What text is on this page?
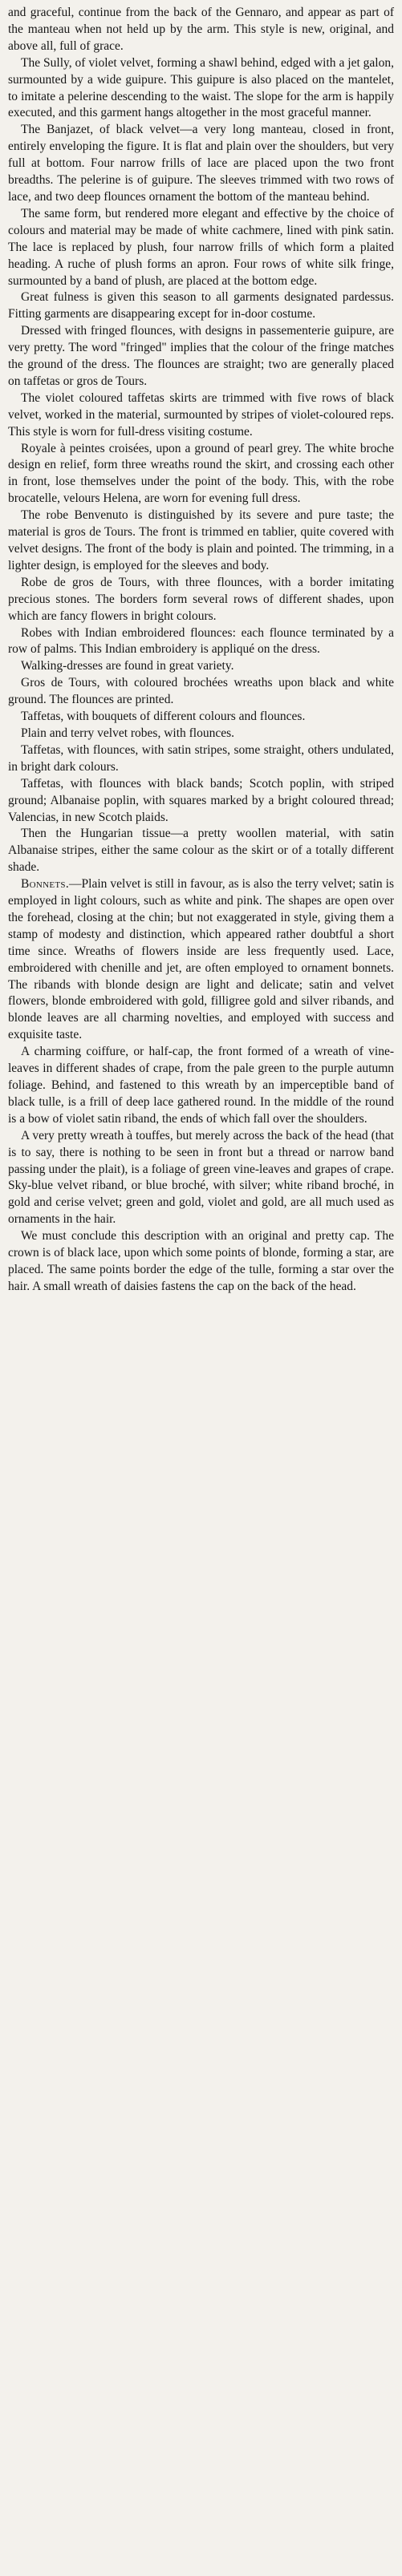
and graceful, continue from the back of the Gennaro, and appear as part of the manteau when not held up by the arm. This style is new, original, and above all, full of grace.

The Sully, of violet velvet, forming a shawl behind, edged with a jet galon, surmounted by a wide guipure. This guipure is also placed on the mantelet, to imitate a pelerine descending to the waist. The slope for the arm is happily executed, and this garment hangs altogether in the most graceful manner.

The Banjazet, of black velvet—a very long manteau, closed in front, entirely enveloping the figure. It is flat and plain over the shoulders, but very full at bottom. Four narrow frills of lace are placed upon the two front breadths. The pelerine is of guipure. The sleeves trimmed with two rows of lace, and two deep flounces ornament the bottom of the manteau behind.

The same form, but rendered more elegant and effective by the choice of colours and material may be made of white cachmere, lined with pink satin. The lace is replaced by plush, four narrow frills of which form a plaited heading. A ruche of plush forms an apron. Four rows of white silk fringe, surmounted by a band of plush, are placed at the bottom edge.

Great fulness is given this season to all garments designated pardessus. Fitting garments are disappearing except for in-door costume.

Dressed with fringed flounces, with designs in passementerie guipure, are very pretty. The word "fringed" implies that the colour of the fringe matches the ground of the dress. The flounces are straight; two are generally placed on taffetas or gros de Tours.

The violet coloured taffetas skirts are trimmed with five rows of black velvet, worked in the material, surmounted by stripes of violet-coloured reps. This style is worn for full-dress visiting costume.

Royale à peintes croisées, upon a ground of pearl grey. The white broche design en relief, form three wreaths round the skirt, and crossing each other in front, lose themselves under the point of the body. This, with the robe brocatelle, velours Helena, are worn for evening full dress.

The robe Benvenuto is distinguished by its severe and pure taste; the material is gros de Tours. The front is trimmed en tablier, quite covered with velvet designs. The front of the body is plain and pointed. The trimming, in a lighter design, is employed for the sleeves and body.

Robe de gros de Tours, with three flounces, with a border imitating precious stones. The borders form several rows of different shades, upon which are fancy flowers in bright colours.

Robes with Indian embroidered flounces: each flounce terminated by a row of palms. This Indian embroidery is appliqué on the dress.

Walking-dresses are found in great variety.

Gros de Tours, with coloured brochées wreaths upon black and white ground. The flounces are printed.

Taffetas, with bouquets of different colours and flounces.

Plain and terry velvet robes, with flounces.

Taffetas, with flounces, with satin stripes, some straight, others undulated, in bright dark colours.

Taffetas, with flounces with black bands; Scotch poplin, with striped ground; Albanaise poplin, with squares marked by a bright coloured thread; Valencias, in new Scotch plaids.

Then the Hungarian tissue—a pretty woollen material, with satin Albanaise stripes, either the same colour as the skirt or of a totally different shade.

Bonnets.—Plain velvet is still in favour, as is also the terry velvet; satin is employed in light colours, such as white and pink. The shapes are open over the forehead, closing at the chin; but not exaggerated in style, giving them a stamp of modesty and distinction, which appeared rather doubtful a short time since. Wreaths of flowers inside are less frequently used. Lace, embroidered with chenille and jet, are often employed to ornament bonnets. The ribands with blonde design are light and delicate; satin and velvet flowers, blonde embroidered with gold, filligree gold and silver ribands, and blonde leaves are all charming novelties, and employed with success and exquisite taste.

A charming coiffure, or half-cap, the front formed of a wreath of vine-leaves in different shades of crape, from the pale green to the purple autumn foliage. Behind, and fastened to this wreath by an imperceptible band of black tulle, is a frill of deep lace gathered round. In the middle of the round is a bow of violet satin riband, the ends of which fall over the shoulders.

A very pretty wreath à touffes, but merely across the back of the head (that is to say, there is nothing to be seen in front but a thread or narrow band passing under the plait), is a foliage of green vine-leaves and grapes of crape. Sky-blue velvet riband, or blue broché, with silver; white riband broché, in gold and cerise velvet; green and gold, violet and gold, are all much used as ornaments in the hair.

We must conclude this description with an original and pretty cap. The crown is of black lace, upon which some points of blonde, forming a star, are placed. The same points border the edge of the tulle, forming a star over the hair. A small wreath of daisies fastens the cap on the back of the head.
